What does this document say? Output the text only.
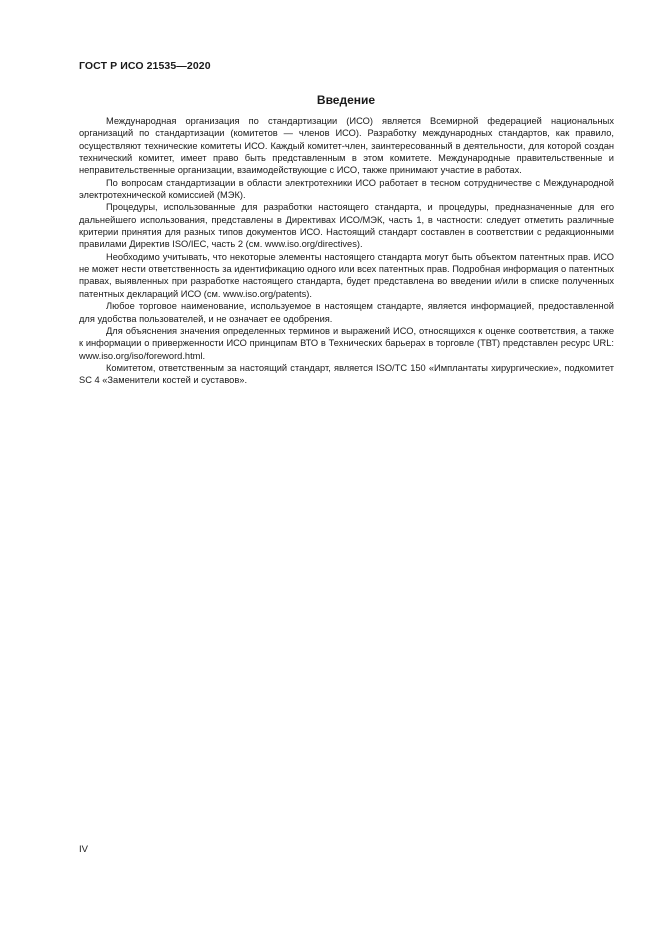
ГОСТ Р ИСО 21535—2020
Введение

Международная организация по стандартизации (ИСО) является Всемирной федерацией национальных организаций по стандартизации (комитетов — членов ИСО). Разработку международных стандартов, как правило, осуществляют технические комитеты ИСО. Каждый комитет-член, заинтересованный в деятельности, для которой создан технический комитет, имеет право быть представленным в этом комитете. Международные правительственные и неправительственные организации, взаимодействующие с ИСО, также принимают участие в работах.

По вопросам стандартизации в области электротехники ИСО работает в тесном сотрудничестве с Международной электротехнической комиссией (МЭК).

Процедуры, использованные для разработки настоящего стандарта, и процедуры, предназначенные для его дальнейшего использования, представлены в Директивах ИСО/МЭК, часть 1, в частности: следует отметить различные критерии принятия для разных типов документов ИСО. Настоящий стандарт составлен в соответствии с редакционными правилами Директив ISO/IEC, часть 2 (см. www.iso.org/directives).

Необходимо учитывать, что некоторые элементы настоящего стандарта могут быть объектом патентных прав. ИСО не может нести ответственность за идентификацию одного или всех патентных прав. Подробная информация о патентных правах, выявленных при разработке настоящего стандарта, будет представлена во введении и/или в списке полученных патентных деклараций ИСО (см. www.iso.org/patents).

Любое торговое наименование, используемое в настоящем стандарте, является информацией, предоставленной для удобства пользователей, и не означает ее одобрения.

Для объяснения значения определенных терминов и выражений ИСО, относящихся к оценке соответствия, а также к информации о приверженности ИСО принципам ВТО в Технических барьерах в торговле (ТВТ) представлен ресурс URL: www.iso.org/iso/foreword.html.

Комитетом, ответственным за настоящий стандарт, является ISO/TC 150 «Имплантаты хирургические», подкомитет SC 4 «Заменители костей и суставов».

IV
